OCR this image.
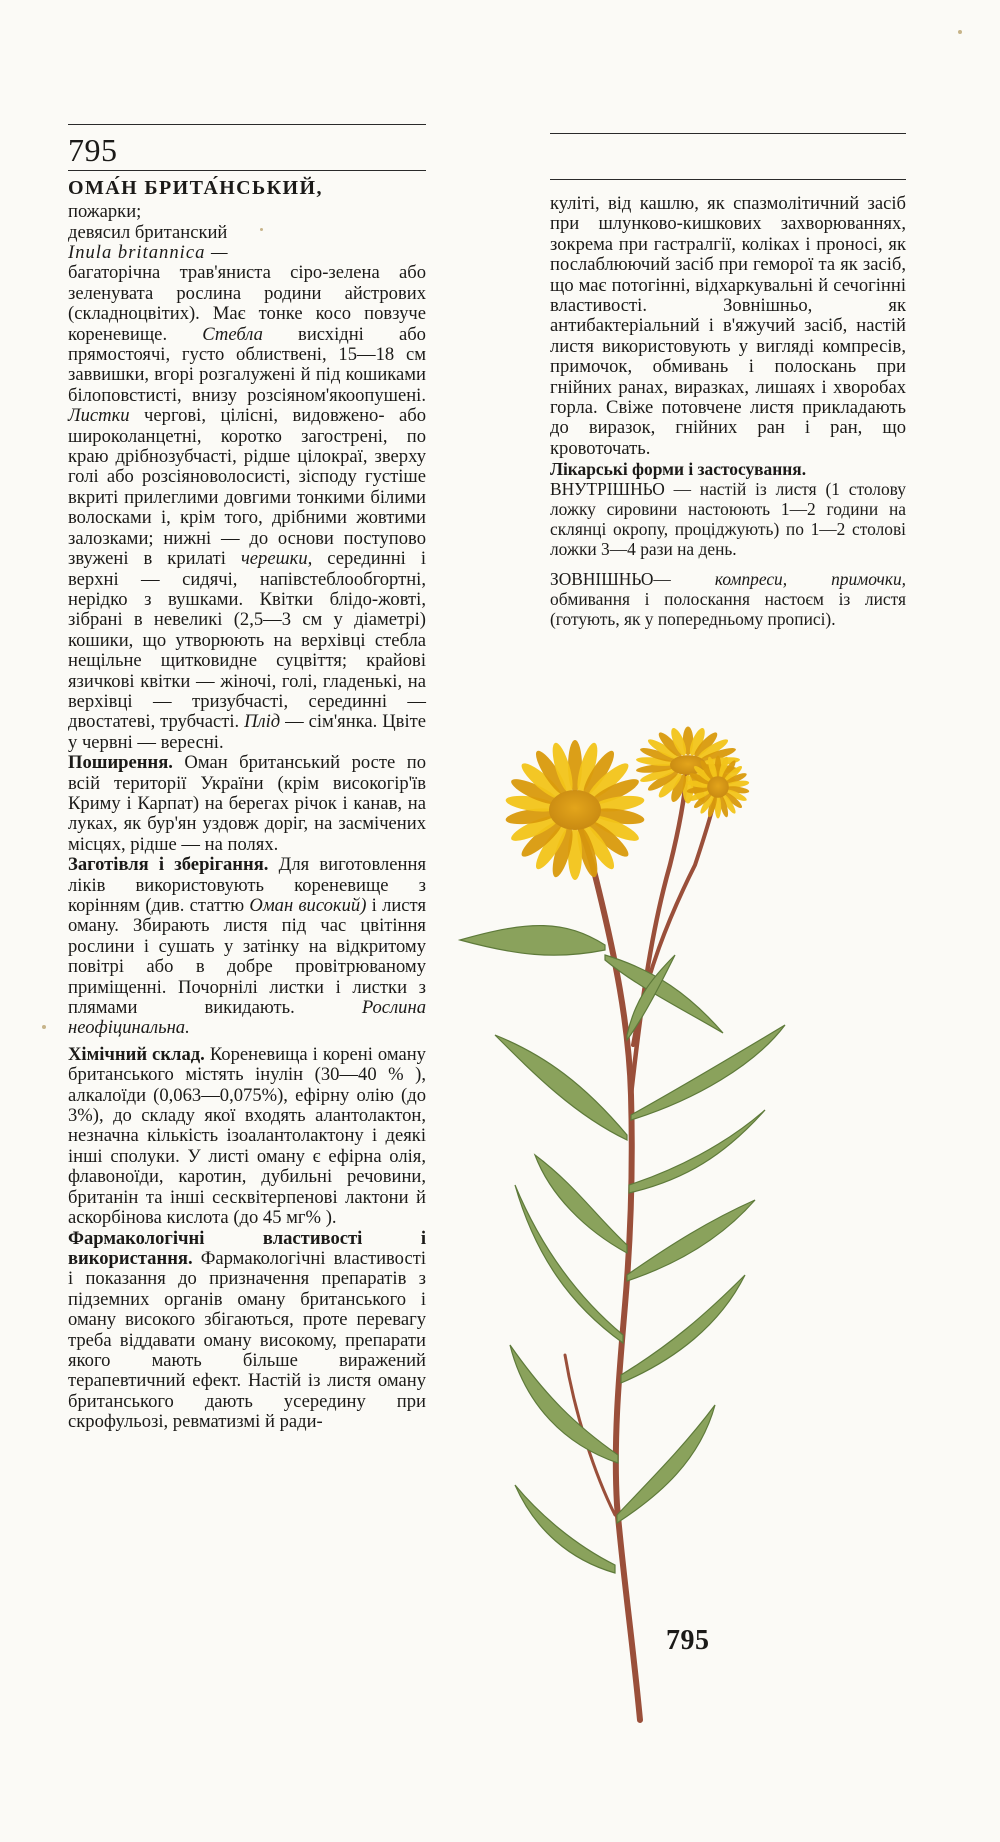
795
ОМА́Н БРИТА́НСЬКИЙ,
пожарки;
девясил британский
Inula britannica —

багаторічна трав'яниста сіро-зелена або зеленувата рослина родини айстрових (складноцвітих). Має тонке косо повзуче кореневище. Стебла висхідні або прямостоячі, густо облиствені, 15—18 см заввишки, вгорі розгалужені й під кошиками білоповстисті, внизу розсіяном'якоопушені. Листки чергові, цілісні, видовжено- або широколанцетні, коротко загострені, по краю дрібнозубчасті, рідше цілокраї, зверху голі або розсіяноволосисті, зісподу густіше вкриті прилеглими довгими тонкими білими волосками і, крім того, дрібними жовтими залозками; нижні — до основи поступово звужені в крилаті черешки, серединні і верхні — сидячі, напівстеблообгортні, нерідко з вушками. Квітки блідо-жовті, зібрані в невеликі (2,5—3 см у діаметрі) кошики, що утворюють на верхівці стебла нещільне щитковидне суцвіття; крайові язичкові квітки — жіночі, голі, гладенькі, на верхівці — тризубчасті, серединні — двостатеві, трубчасті. Плід — сім'янка. Цвіте у червні — вересні.

Поширення. Оман британський росте по всій території України (крім високогір'їв Криму і Карпат) на берегах річок і канав, на луках, як бур'ян уздовж доріг, на засмічених місцях, рідше — на полях.

Заготівля і зберігання. Для виготовлення ліків використовують кореневище з корінням (див. статтю Оман високий) і листя оману. Збирають листя під час цвітіння рослини і сушать у затінку на відкритому повітрі або в добре провітрюваному приміщенні. Почорнілі листки і листки з плямами викидають. Рослина неофіцинальна.

Хімічний склад. Кореневища і корені оману британського містять інулін (30—40 % ), алкалоїди (0,063—0,075%), ефірну олію (до 3%), до складу якої входять алантолактон, незначна кількість ізоалантолактону і деякі інші сполуки. У листі оману є ефірна олія, флавоноїди, каротин, дубильні речовини, британін та інші сесквітерпенові лактони й аскорбінова кислота (до 45 мг% ).

Фармакологічні властивості і використання. Фармакологічні властивості і показання до призначення препаратів з підземних органів оману британського і оману високого збігаються, проте перевагу треба віддавати оману високому, препарати якого мають більше виражений терапевтичний ефект. Настій із листя оману британського дають усередину при скрофульозі, ревматизмі й ради-

куліті, від кашлю, як спазмолітичний засіб при шлунково-кишкових захворюваннях, зокрема при гастралгії, коліках і проносі, як послаблюючий засіб при геморої та як засіб, що має потогінні, відхаркувальні й сечогінні властивості. Зовнішньо, як антибактеріальний і в'яжучий засіб, настій листя використовують у вигляді компресів, примочок, обмивань і полоскань при гнійних ранах, виразках, лишаях і хворобах горла. Свіже потовчене листя прикладають до виразок, гнійних ран і ран, що кровоточать.

Лікарські форми і застосування.

ВНУТРІШНЬО — настій із листя (1 столову ложку сировини настоюють 1—2 години на склянці окропу, проціджують) по 1—2 столові ложки 3—4 рази на день.

ЗОВНІШНЬО— компреси, примочки, обмивання і полоскання настоєм із листя (готують, як у попередньому прописі).

795
